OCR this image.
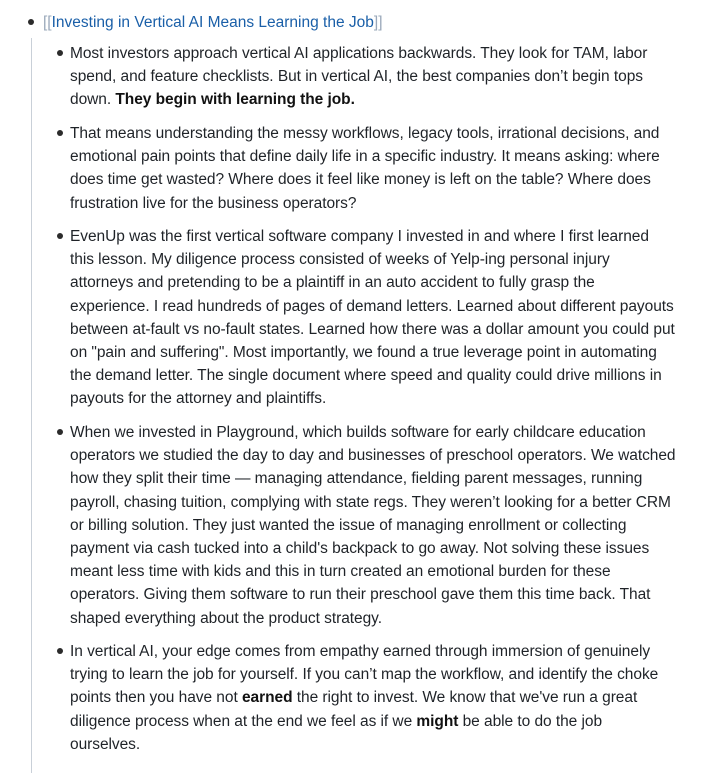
[[Investing in Vertical AI Means Learning the Job]]
Most investors approach vertical AI applications backwards. They look for TAM, labor spend, and feature checklists. But in vertical AI, the best companies don’t begin tops down. They begin with learning the job.
That means understanding the messy workflows, legacy tools, irrational decisions, and emotional pain points that define daily life in a specific industry. It means asking: where does time get wasted? Where does it feel like money is left on the table? Where does frustration live for the business operators?
EvenUp was the first vertical software company I invested in and where I first learned this lesson. My diligence process consisted of weeks of Yelp-ing personal injury attorneys and pretending to be a plaintiff in an auto accident to fully grasp the experience. I read hundreds of pages of demand letters. Learned about different payouts between at-fault vs no-fault states. Learned how there was a dollar amount you could put on "pain and suffering". Most importantly, we found a true leverage point in automating the demand letter. The single document where speed and quality could drive millions in payouts for the attorney and plaintiffs.
When we invested in Playground, which builds software for early childcare education operators we studied the day to day and businesses of preschool operators. We watched how they split their time — managing attendance, fielding parent messages, running payroll, chasing tuition, complying with state regs. They weren’t looking for a better CRM or billing solution. They just wanted the issue of managing enrollment or collecting payment via cash tucked into a child's backpack to go away. Not solving these issues meant less time with kids and this in turn created an emotional burden for these operators. Giving them software to run their preschool gave them this time back. That shaped everything about the product strategy.
In vertical AI, your edge comes from empathy earned through immersion of genuinely trying to learn the job for yourself. If you can’t map the workflow, and identify the choke points then you have not earned the right to invest. We know that we've run a great diligence process when at the end we feel as if we might be able to do the job ourselves.
